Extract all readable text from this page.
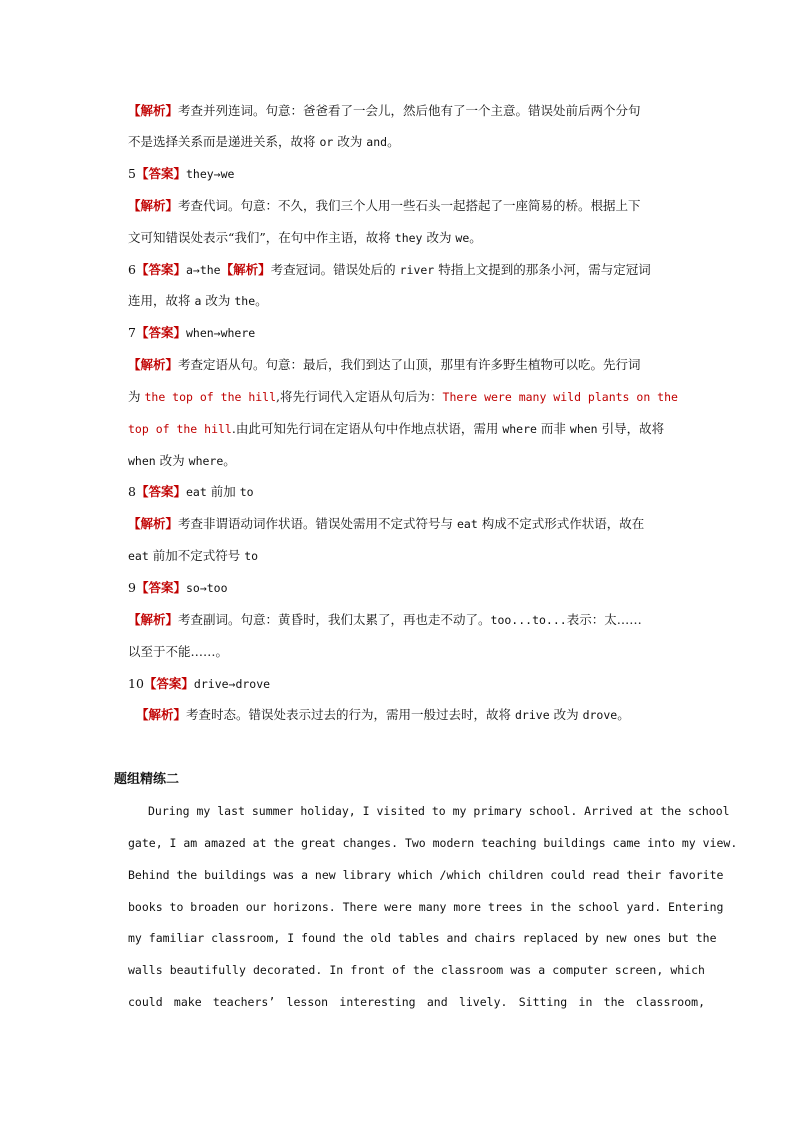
【解析】考查并列连词。句意：爸爸看了一会儿，然后他有了一个主意。错误处前后两个分句
不是选择关系而是递进关系，故将 or 改为 and。
5【答案】they→we
【解析】考查代词。句意：不久，我们三个人用一些石头一起搭起了一座简易的桥。根据上下
文可知错误处表示“我们”，在句中作主语，故将 they 改为 we。
6【答案】a→the【解析】考查冠词。错误处后的 river 特指上文提到的那条小河，需与定冠词
连用，故将 a 改为 the。
7【答案】when→where
【解析】考查定语从句。句意：最后，我们到达了山顶，那里有许多野生植物可以吃。先行词
为 the top of the hill,将先行词代入定语从句后为：There were many wild plants on the
top of the hill.由此可知先行词在定语从句中作地点状语，需用 where 而非 when 引导，故将
when 改为 where。
8【答案】eat 前加 to
【解析】考查非谓语动词作状语。错误处需用不定式符号与 eat 构成不定式形式作状语，故在
eat 前加不定式符号 to
9【答案】so→too
【解析】考查副词。句意：黄昏时，我们太累了，再也走不动了。too...to...表示：太……
以至于不能……。
10【答案】drive→drove
【解析】考查时态。错误处表示过去的行为，需用一般过去时，故将 drive 改为 drove。
题组精练二
During my last summer holiday, I visited to my primary school. Arrived at the school
gate, I am amazed at the great changes. Two modern teaching buildings came into my view.
Behind the buildings was a new library which /which children could read their favorite
books to broaden our horizons. There were many more trees in the school yard. Entering
my familiar classroom, I found the old tables and chairs replaced by new ones but the
walls beautifully decorated. In front of the classroom was a computer screen, which
could make teachers’ lesson interesting and lively. Sitting in the classroom,
